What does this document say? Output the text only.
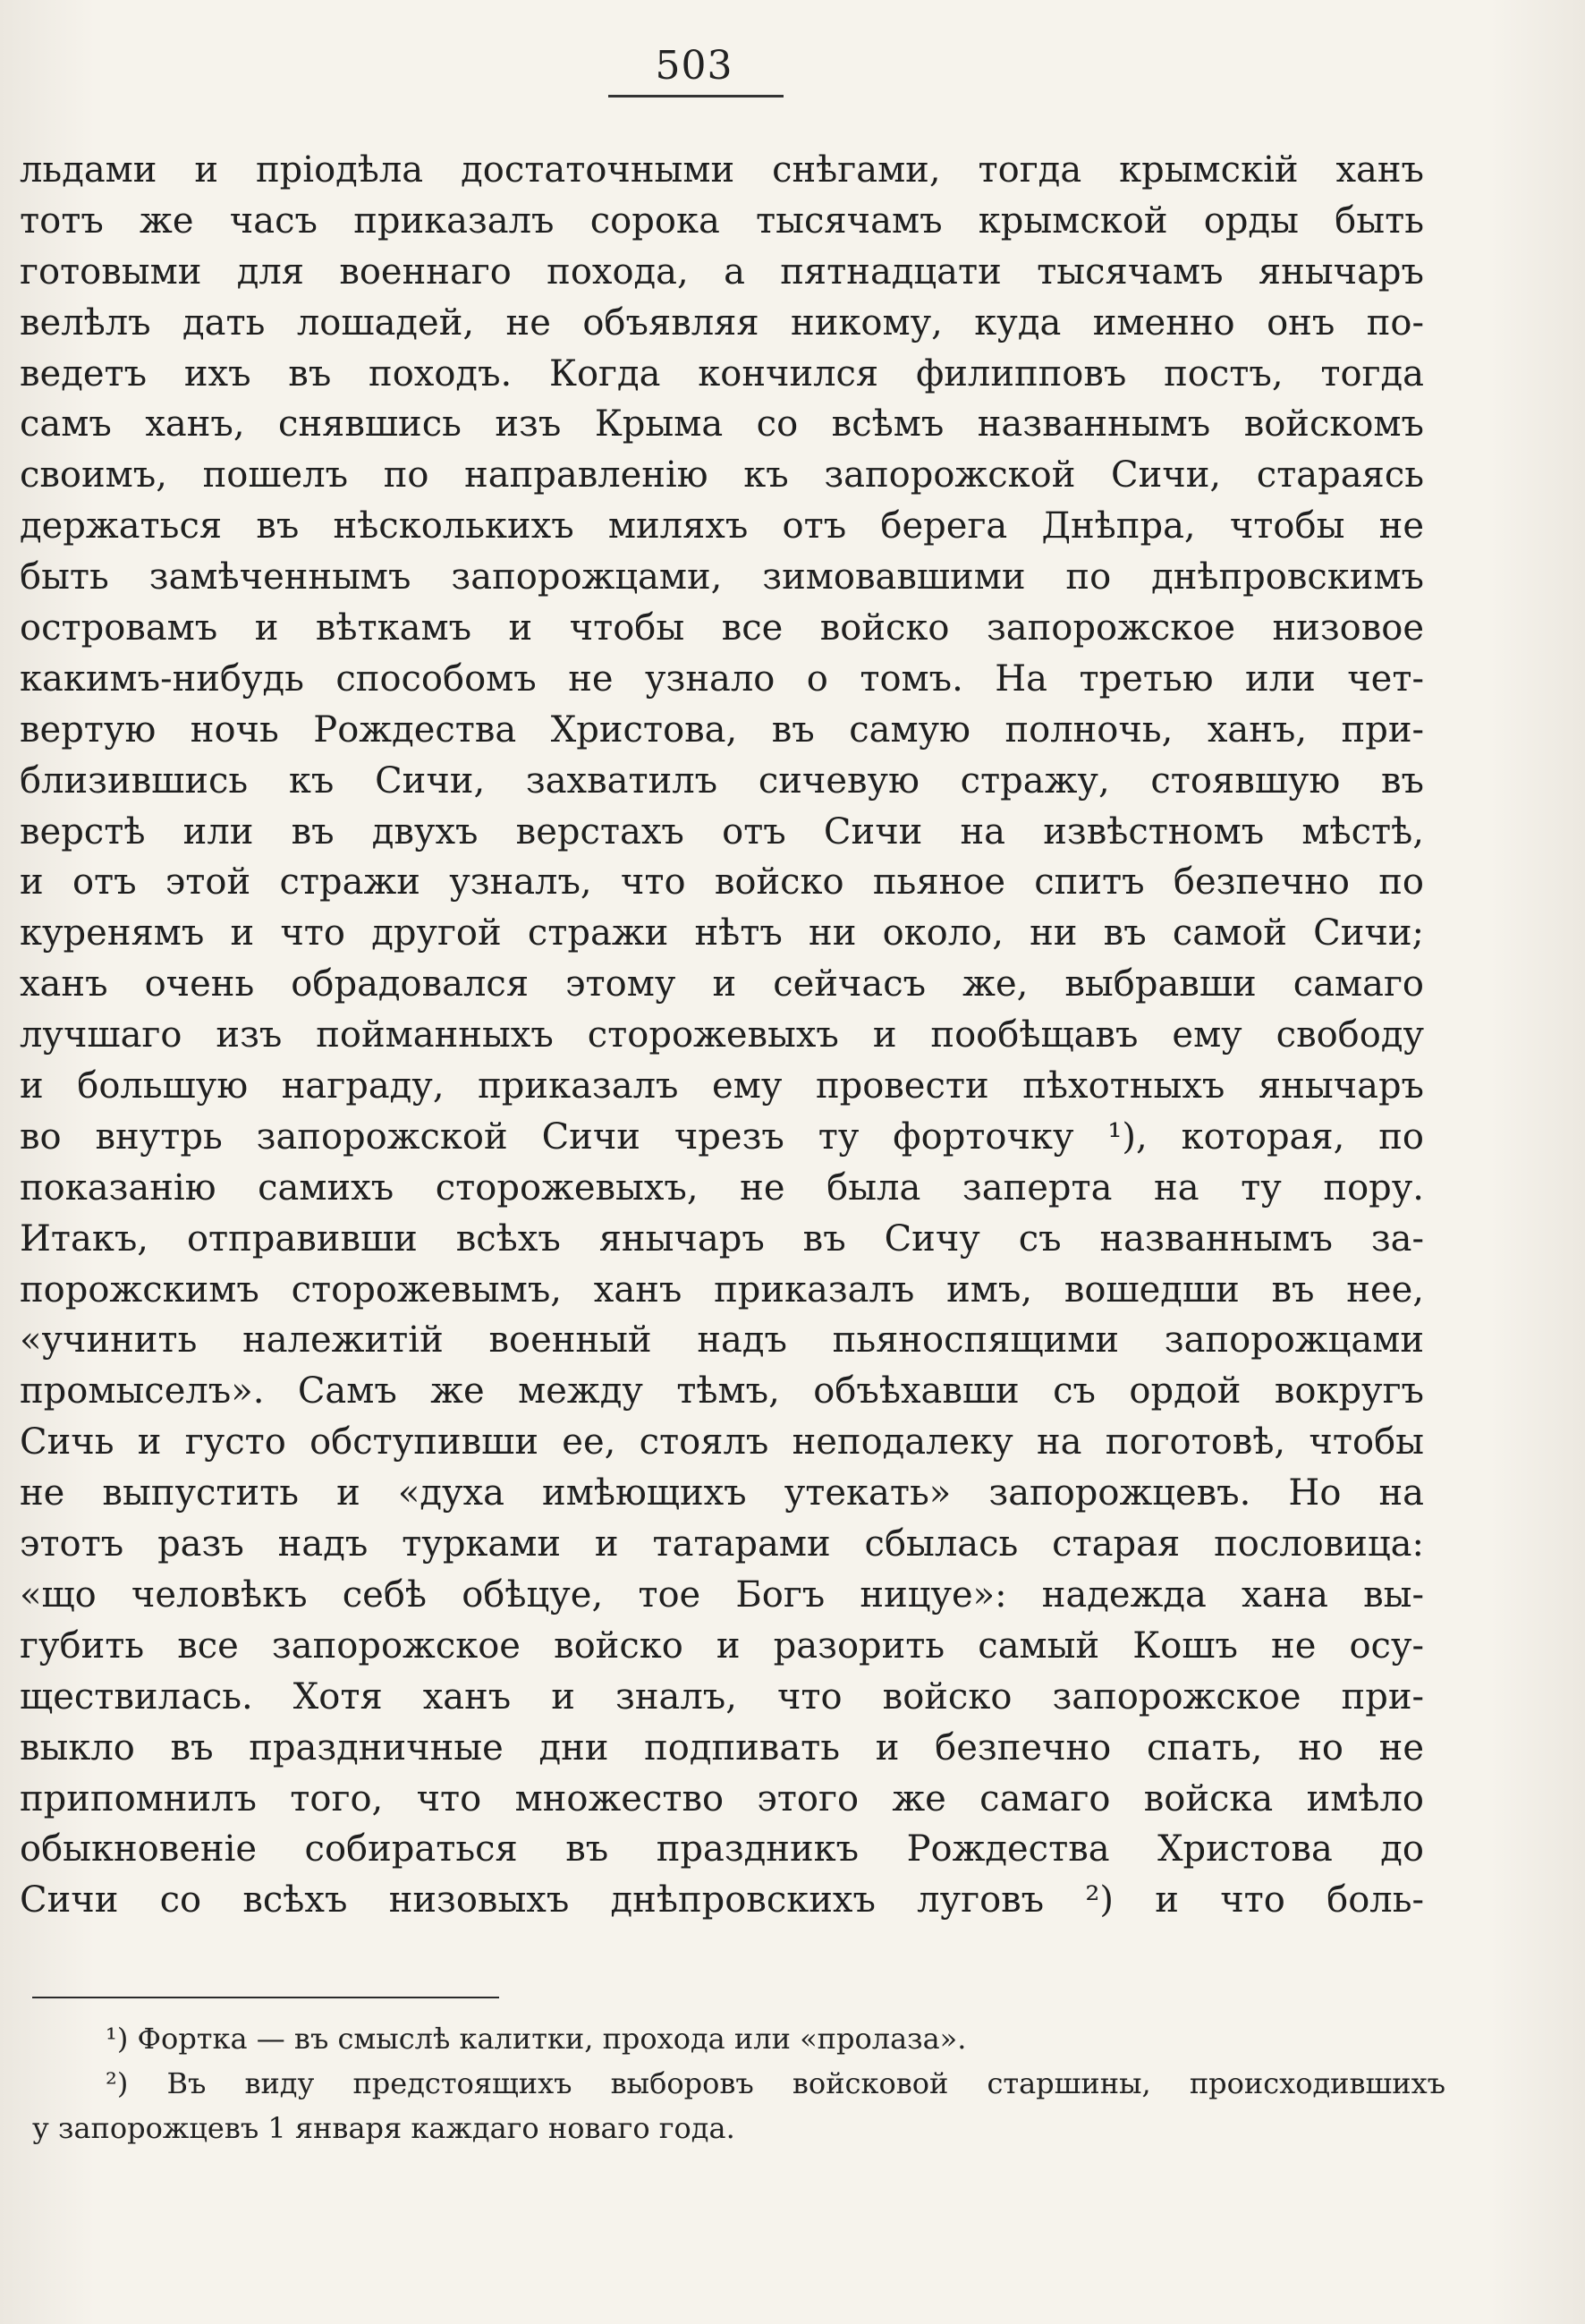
503
льдами и пріодѣла достаточными снѣгами, тогда крымскій ханъ
тотъ же часъ приказалъ сорока тысячамъ крымской орды быть
готовыми для военнаго похода, а пятнадцати тысячамъ янычаръ
велѣлъ дать лошадей, не объявляя никому, куда именно онъ по-
ведетъ ихъ въ походъ. Когда кончился филипповъ постъ, тогда
самъ ханъ, снявшись изъ Крыма со всѣмъ названнымъ войскомъ
своимъ, пошелъ по направленію къ запорожской Сичи, стараясь
держаться въ нѣсколькихъ миляхъ отъ берега Днѣпра, чтобы не
быть замѣченнымъ запорожцами, зимовавшими по днѣпровскимъ
островамъ и вѣткамъ и чтобы все войско запорожское низовое
какимъ-нибудь способомъ не узнало о томъ. На третью или чет-
вертую ночь Рождества Христова, въ самую полночь, ханъ, при-
близившись къ Сичи, захватилъ сичевую стражу, стоявшую въ
верстѣ или въ двухъ верстахъ отъ Сичи на извѣстномъ мѣстѣ,
и отъ этой стражи узналъ, что войско пьяное спитъ безпечно по
куренямъ и что другой стражи нѣтъ ни около, ни въ самой Сичи;
ханъ очень обрадовался этому и сейчасъ же, выбравши самаго
лучшаго изъ пойманныхъ сторожевыхъ и пообѣщавъ ему свободу
и большую награду, приказалъ ему провести пѣхотныхъ янычаръ
во внутрь запорожской Сичи чрезъ ту форточку ¹), которая, по
показанію самихъ сторожевыхъ, не была заперта на ту пору.
Итакъ, отправивши всѣхъ янычаръ въ Сичу съ названнымъ за-
порожскимъ сторожевымъ, ханъ приказалъ имъ, вошедши въ нее,
«учинить належитій военный надъ пьяноспящими запорожцами
промыселъ». Самъ же между тѣмъ, объѣхавши съ ордой вокругъ
Сичь и густо обступивши ее, стоялъ неподалеку на поготовѣ, чтобы
не выпустить и «духа имѣющихъ утекать» запорожцевъ. Но на
этотъ разъ надъ турками и татарами сбылась старая пословица:
«що человѣкъ себѣ обѣцуе, тое Богъ ницуе»: надежда хана вы-
губить все запорожское войско и разорить самый Кошъ не осу-
ществилась. Хотя ханъ и зналъ, что войско запорожское при-
выкло въ праздничные дни подпивать и безпечно спать, но не
припомнилъ того, что множество этого же самаго войска имѣло
обыкновеніе собираться въ праздникъ Рождества Христова до
Сичи со всѣхъ низовыхъ днѣпровскихъ луговъ ²) и что боль-
¹) Фортка — въ смыслѣ калитки, прохода или «пролаза».
²) Въ виду предстоящихъ выборовъ войсковой старшины, происходившихъ
у запорожцевъ 1 января каждаго новаго года.
